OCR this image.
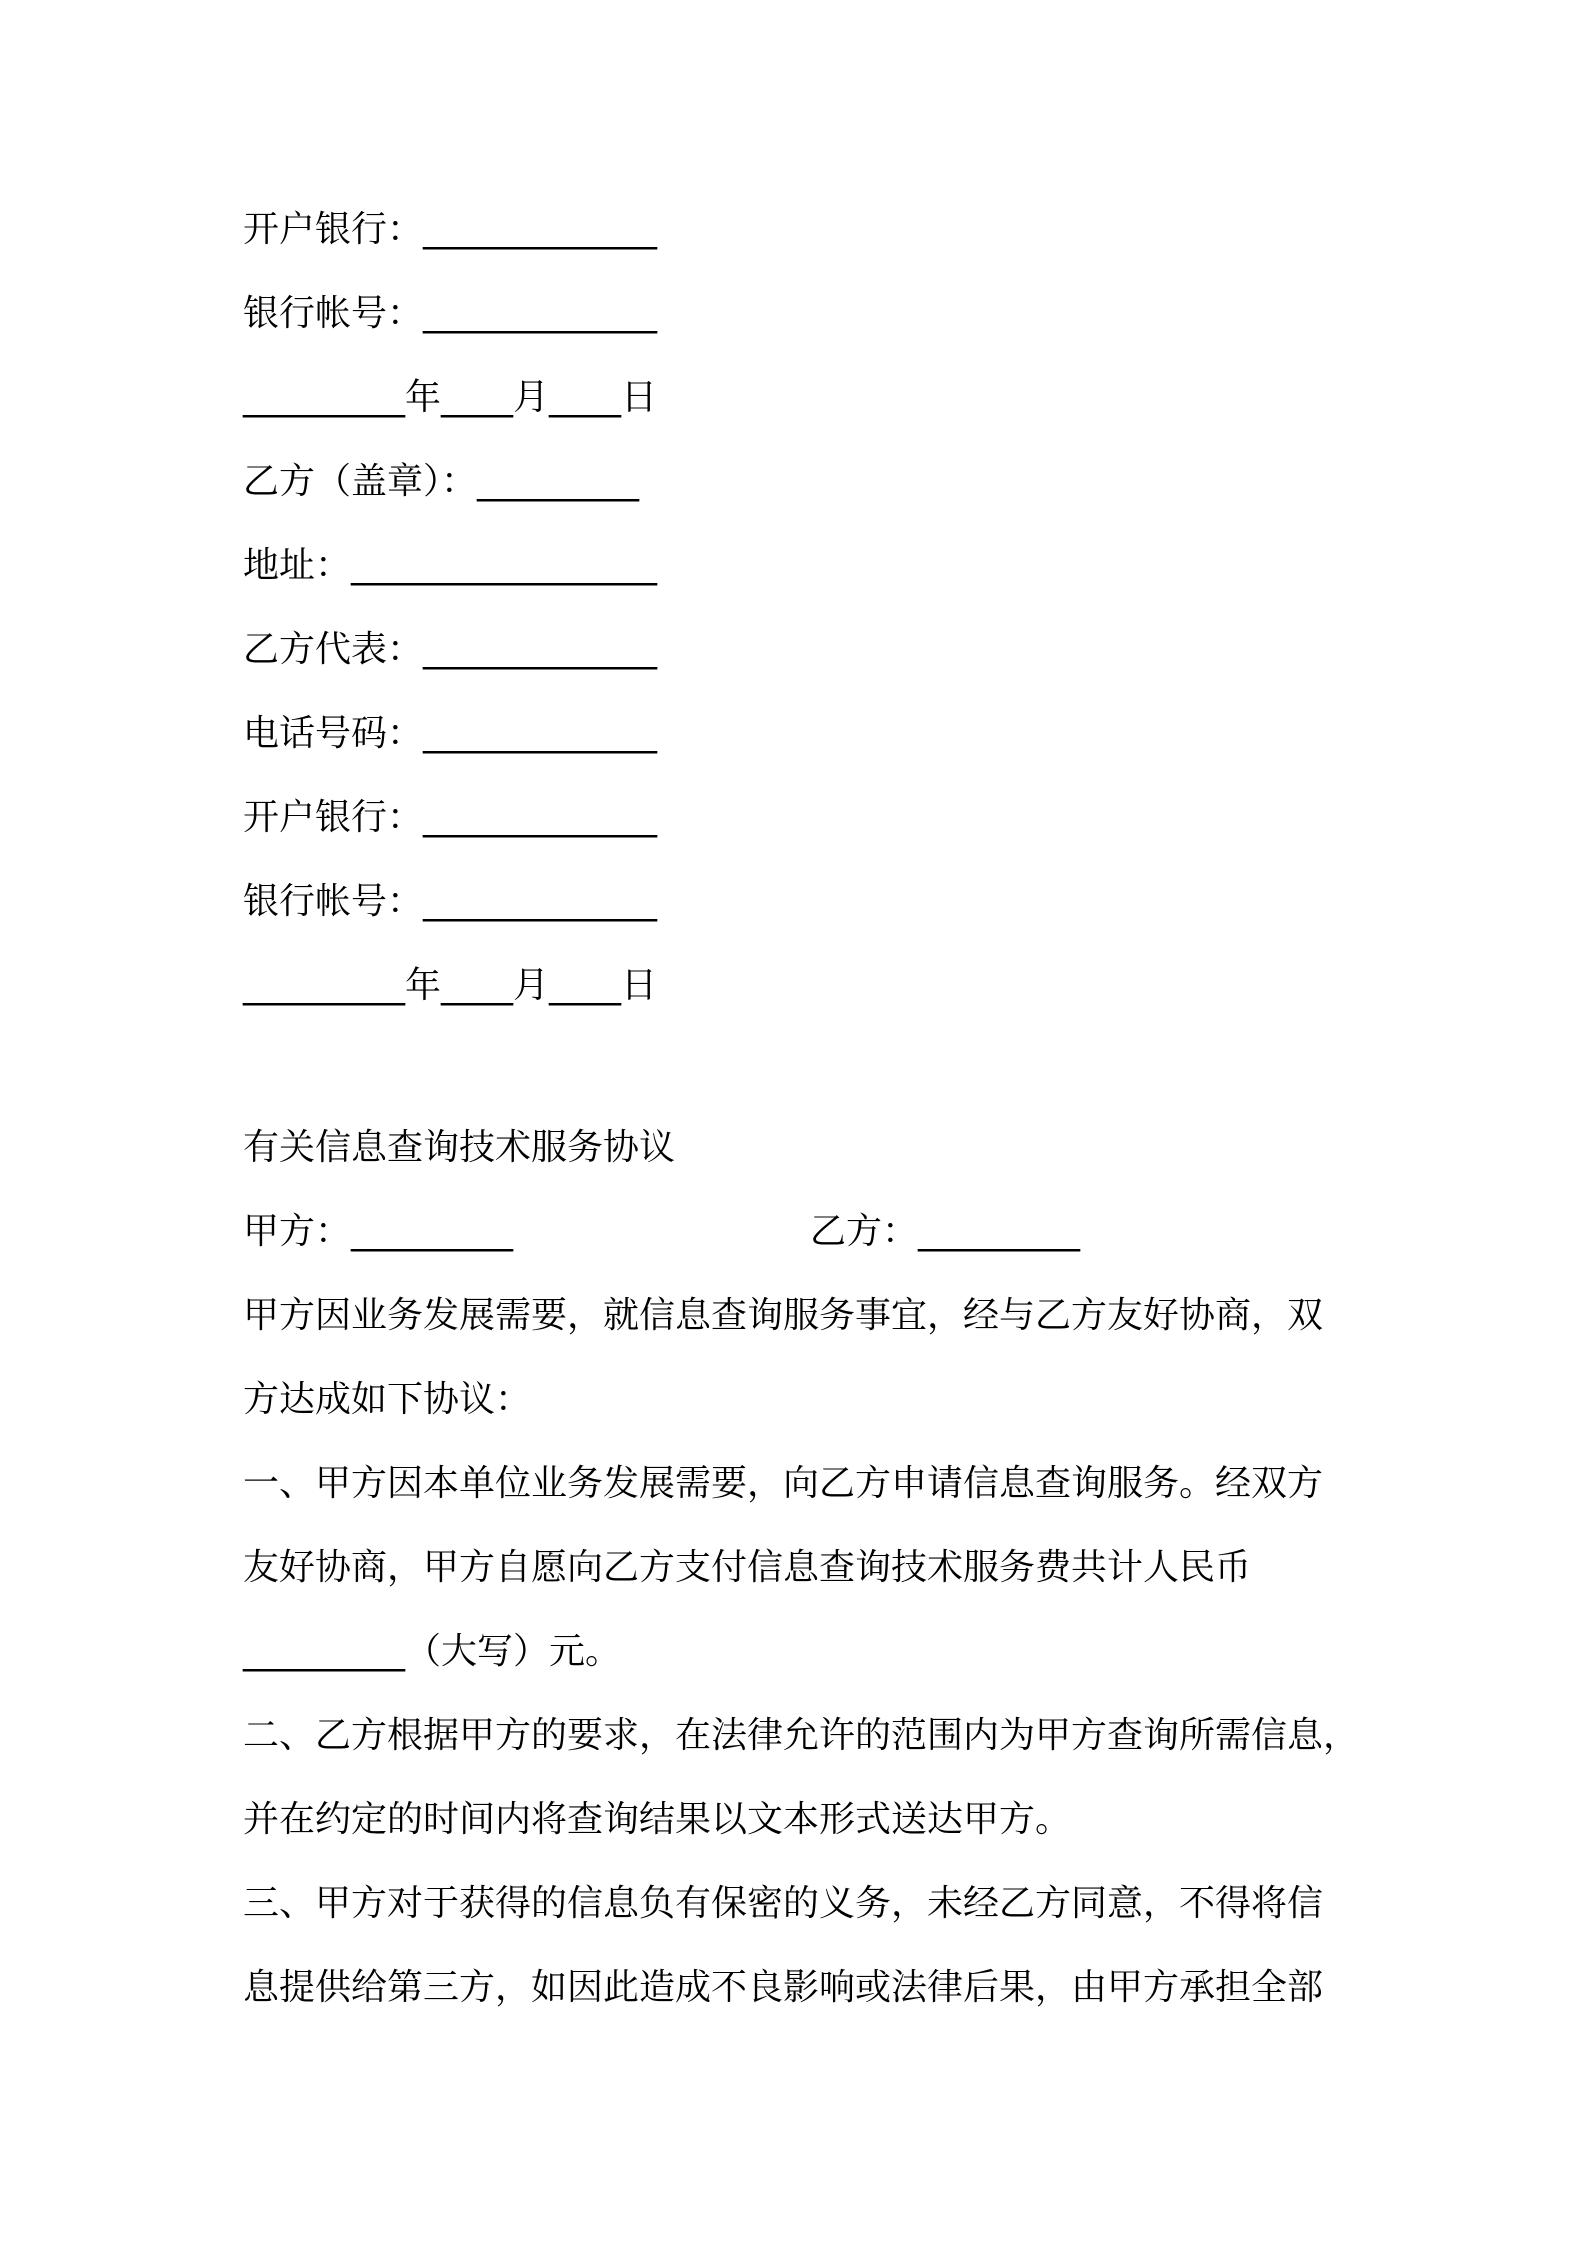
开户银行：_____________
银行帐号：_____________
_________年____月____日
乙方（盖章）：_________
地址：_________________
乙方代表：_____________
电话号码：_____________
开户银行：_____________
银行帐号：_____________
_________年____月____日
有关信息查询技术服务协议
甲方：_________	乙方：_________
甲方因业务发展需要，就信息查询服务事宜，经与乙方友好协商，双
方达成如下协议：
一、甲方因本单位业务发展需要，向乙方申请信息查询服务。经双方
友好协商，甲方自愿向乙方支付信息查询技术服务费共计人民币
_________（大写）元。
二、乙方根据甲方的要求，在法律允许的范围内为甲方查询所需信息，
并在约定的时间内将查询结果以文本形式送达甲方。
三、甲方对于获得的信息负有保密的义务，未经乙方同意，不得将信
息提供给第三方，如因此造成不良影响或法律后果，由甲方承担全部
